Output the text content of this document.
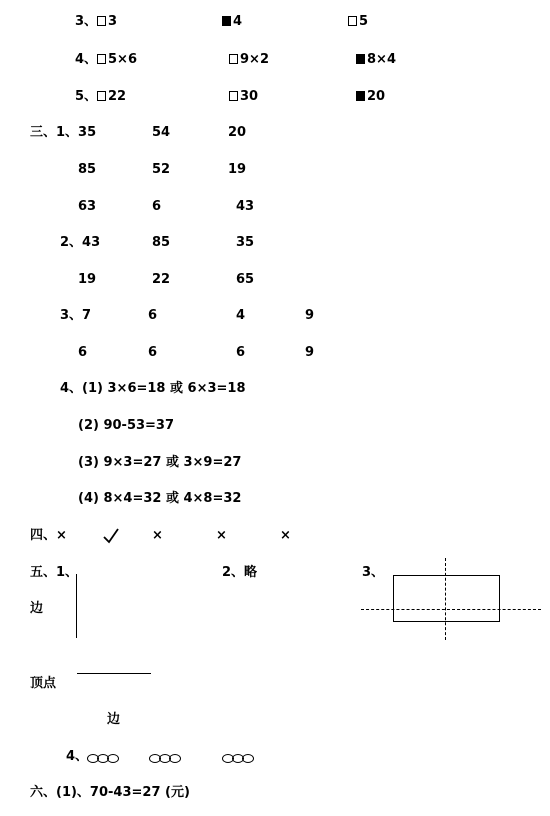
3、 3	4	5
4、 5×6	9×2	8×4
5、 22	30	20
三、1、35	54	20
85	52	19
63	6	43
2、43	85	35
19	22	65
3、7	6	4	9
6	6	6	9
4、(1) 3×6=18 或 6×3=18
(2) 90-53=37
(3) 9×3=27 或 3×9=27
(4) 8×4=32 或 4×8=32
四、×	×	×	×
五、1、
边
顶点
边
2、略	3、
4、
六、(1)、70-43=27 (元)
